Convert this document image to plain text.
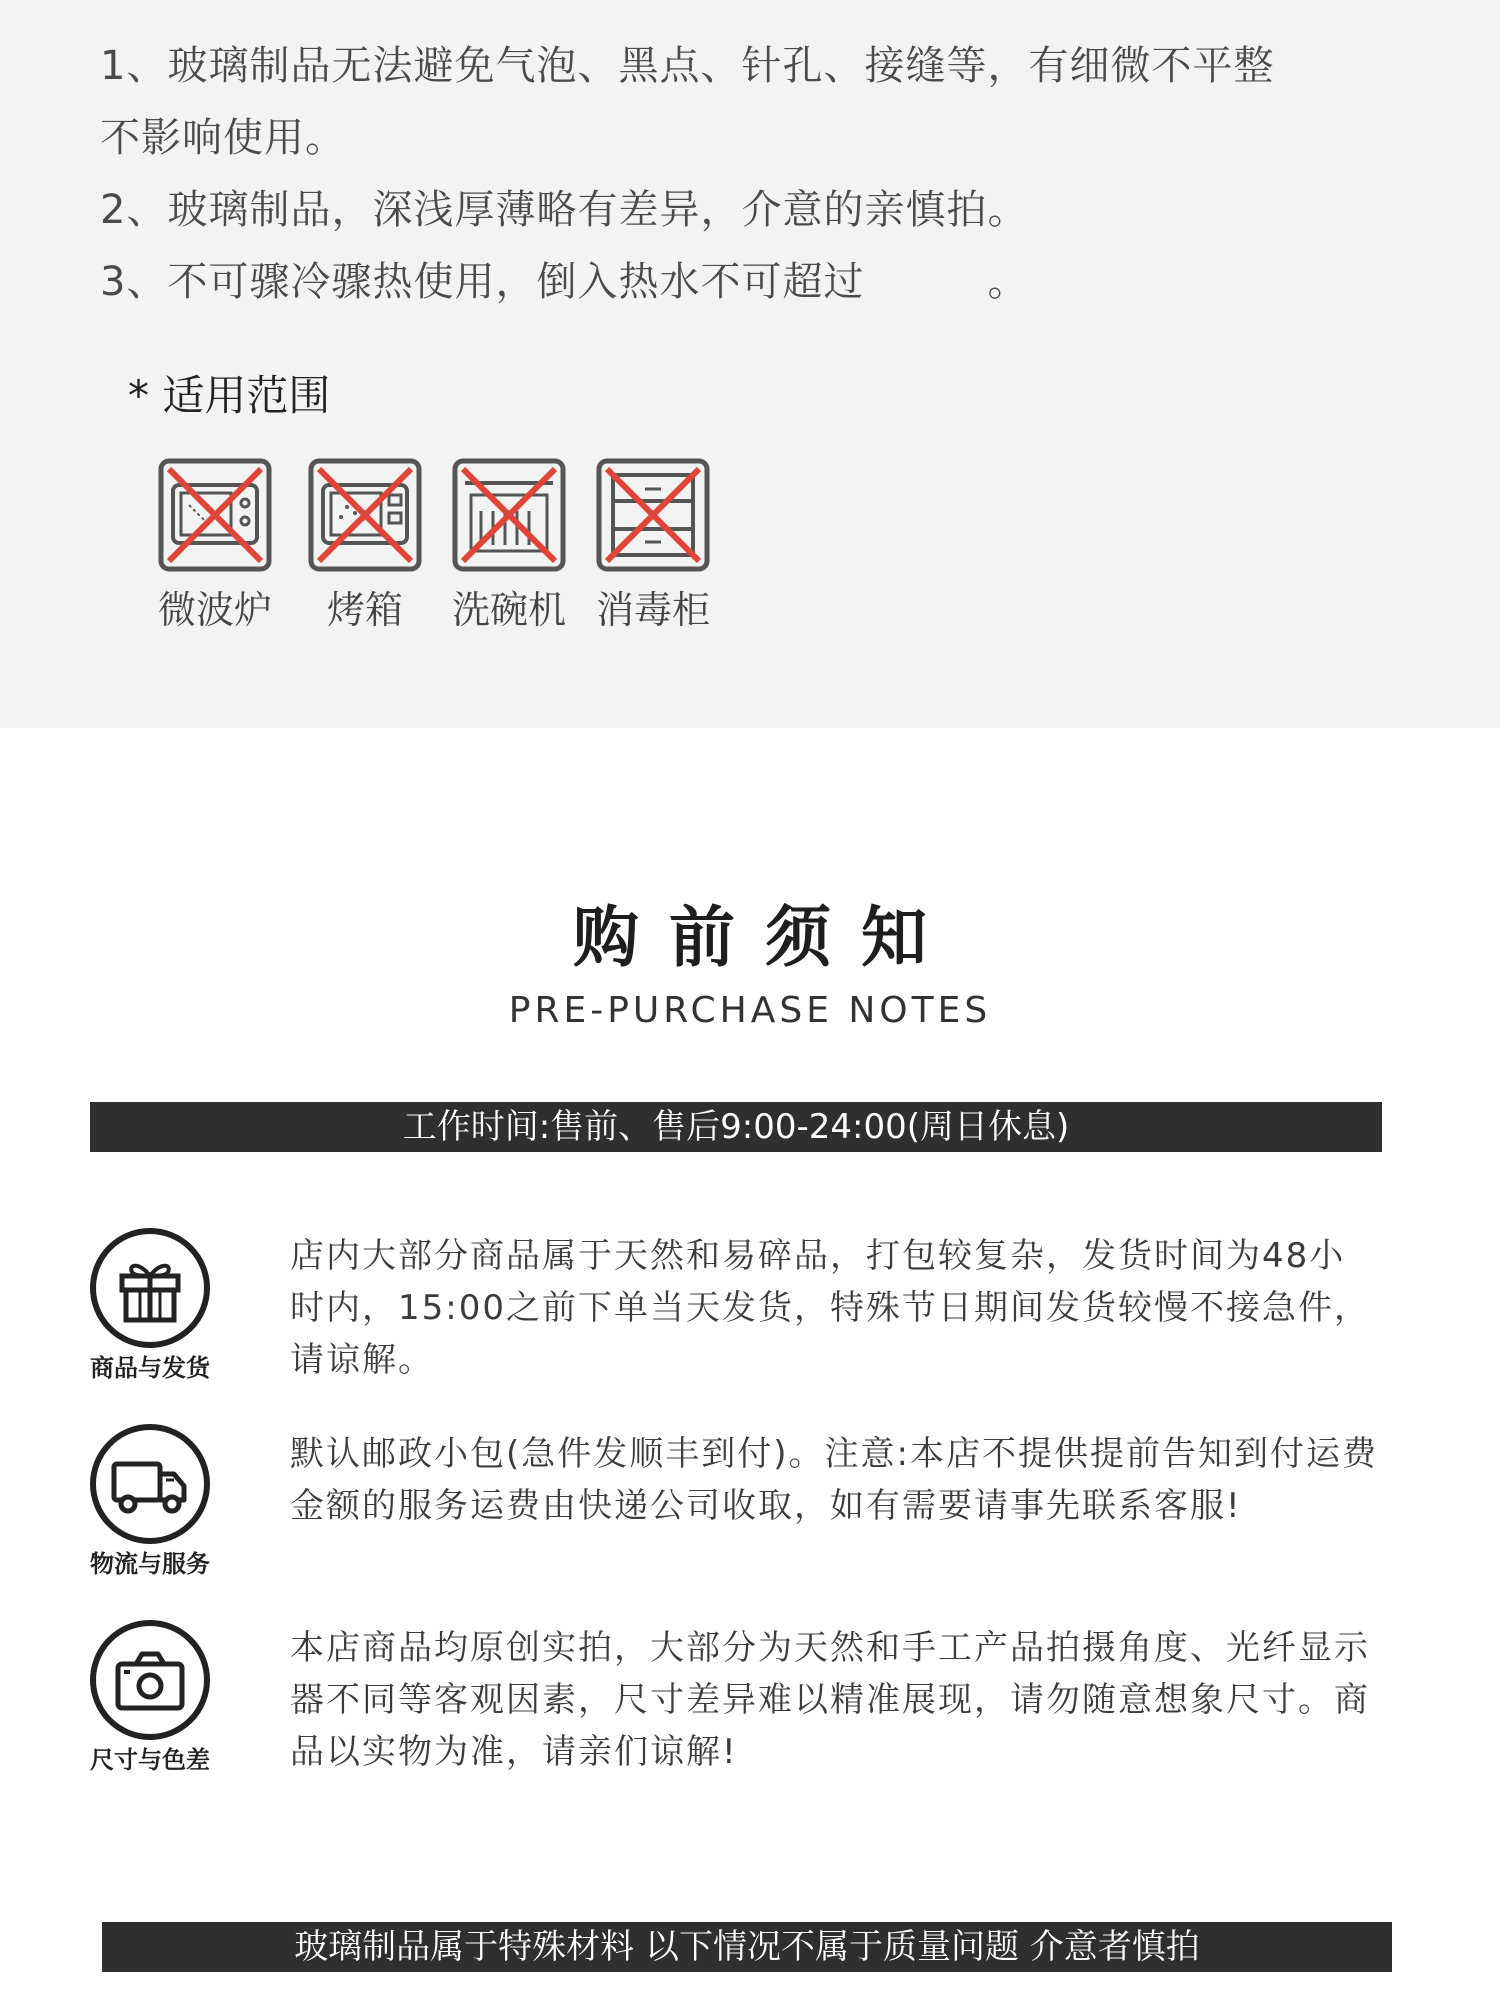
1、玻璃制品无法避免气泡、黑点、针孔、接缝等，有细微不平整
不影响使用。
2、玻璃制品，深浅厚薄略有差异，介意的亲慎拍。
3、不可骤冷骤热使用，倒入热水不可超过　　　。
* 适用范围
微波炉	烤箱	洗碗机 消毒柜
购前须知
PRE-PURCHASE NOTES
工作时间:售前、售后9:00-24:00(周日休息)
商品与发货
店内大部分商品属于天然和易碎品，打包较复杂，发货时间为48小
时内，15:00之前下单当天发货，特殊节日期间发货较慢不接急件，
请谅解。
物流与服务
默认邮政小包(急件发顺丰到付)。注意:本店不提供提前告知到付运费
金额的服务运费由快递公司收取，如有需要请事先联系客服!
尺寸与色差
本店商品均原创实拍，大部分为天然和手工产品拍摄角度、光纤显示
器不同等客观因素，尺寸差异难以精准展现，请勿随意想象尺寸。商
品以实物为准，请亲们谅解!
玻璃制品属于特殊材料 以下情况不属于质量问题 介意者慎拍
